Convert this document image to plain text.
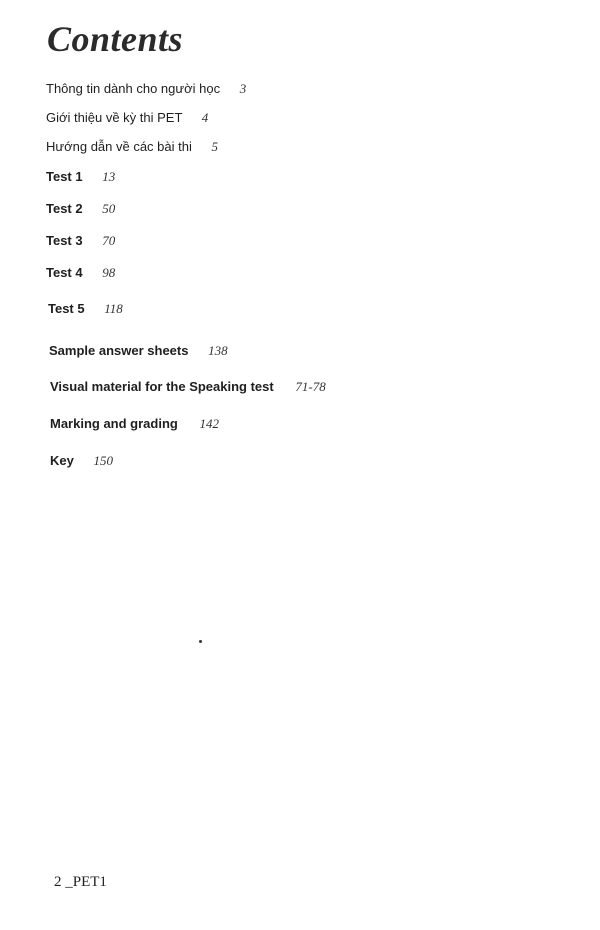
Contents
Thông tin dành cho người học 3
Giới thiệu về kỳ thi PET 4
Hướng dẫn về các bài thi 5
Test 1 13
Test 2 50
Test 3 70
Test 4 98
Test 5 118
Sample answer sheets 138
Visual material for the Speaking test 71-78
Marking and grading 142
Key 150
2 _PET1
